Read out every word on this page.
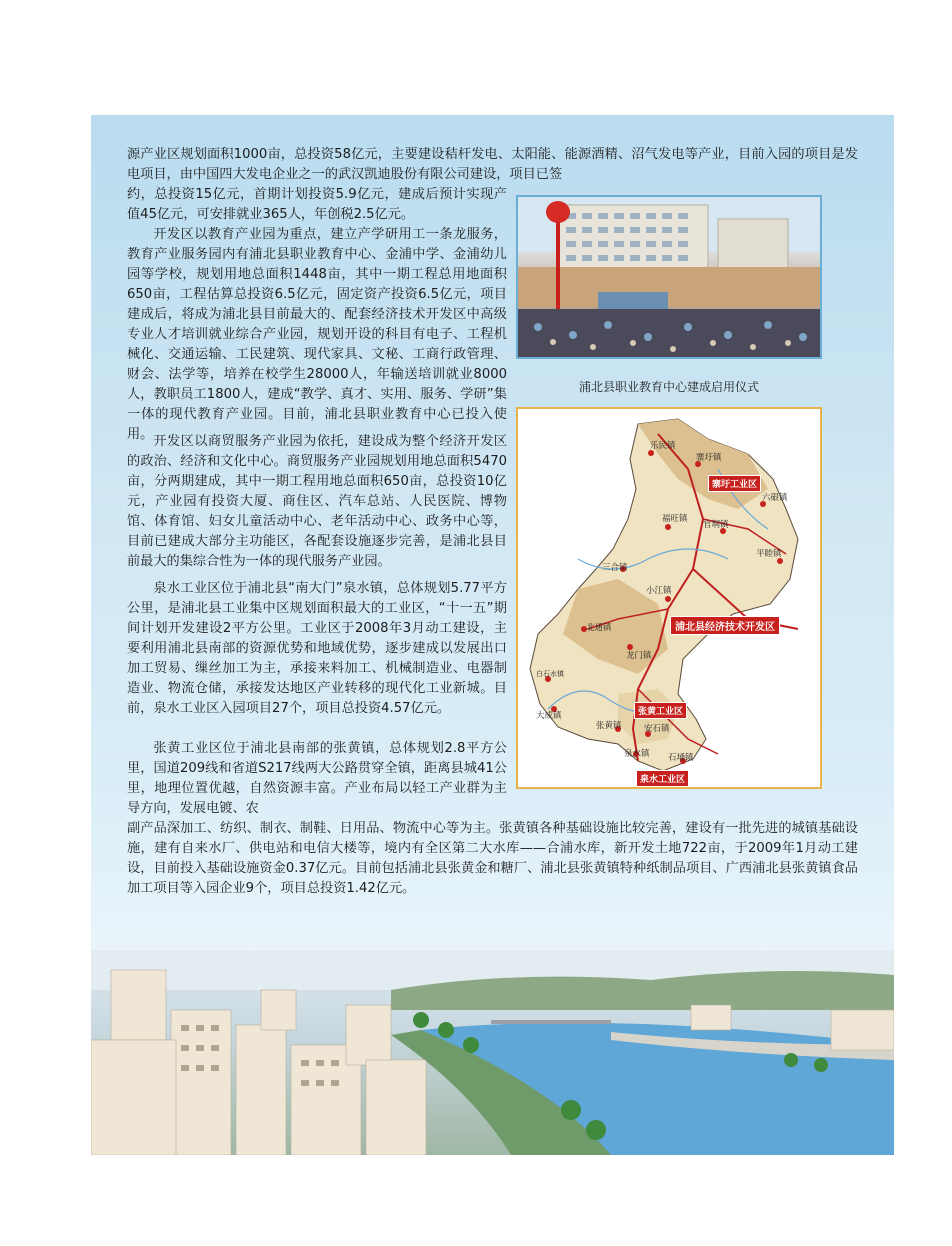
源产业区规划面积1000亩，总投资58亿元，主要建设秸杆发电、太阳能、能源酒精、沼气发电等产业，目前入园的项目是发电项目，由中国四大发电企业之一的武汉凯迪股份有限公司建设，项目已签

约，总投资15亿元，首期计划投资5.9亿元，建成后预计实现产值45亿元，可安排就业365人，年创税2.5亿元。

开发区以教育产业园为重点，建立产学研用工一条龙服务，教育产业服务园内有浦北县职业教育中心、金浦中学、金浦幼儿园等学校，规划用地总面积1448亩，其中一期工程总用地面积650亩，工程估算总投资6.5亿元，固定资产投资6.5亿元，项目建成后，将成为浦北县目前最大的、配套经济技术开发区中高级专业人才培训就业综合产业园，规划开设的科目有电子、工程机械化、交通运输、工民建筑、现代家具、文秘、工商行政管理、财会、法学等，培养在校学生28000人，年输送培训就业8000人，教职员工1800人，建成“教学、真才、实用、服务、学研”集一体的现代教育产业园。目前，浦北县职业教育中心已投入使用。 开发区以商贸服务产业园为依托，建设成为整个经济开发区的政治、经济和文化中心。商贸服务产业园规划用地总面积5470亩，分两期建成，其中一期工程用地总面积650亩，总投资10亿元，产业园有投资大厦、商住区、汽车总站、人民医院、博物馆、体育馆、妇女儿童活动中心、老年活动中心、政务中心等，目前已建成大部分主功能区，各配套设施逐步完善，是浦北县目前最大的集综合性为一体的现代服务产业园。

泉水工业区位于浦北县“南大门”泉水镇，总体规划5.77平方公里，是浦北县工业集中区规划面积最大的工业区，“十一五”期间计划开发建设2平方公里。工业区于2008年3月动工建设，主要利用浦北县南部的资源优势和地域优势，逐步建成以发展出口加工贸易、缫丝加工为主，承接来料加工、机械制造业、电器制造业、物流仓储，承接发达地区产业转移的现代化工业新城。目前，泉水工业区入园项目27个，项目总投资4.57亿元。

张黄工业区位于浦北县南部的张黄镇，总体规划2.8平方公里，国道209线和省道S217线两大公路贯穿全镇，距离县城41公里，地理位置优越，自然资源丰富。产业布局以轻工产业群为主导方向，发展电镀、农

副产品深加工、纺织、制衣、制鞋、日用品、物流中心等为主。张黄镇各种基础设施比较完善，建设有一批先进的城镇基础设施，建有自来水厂、供电站和电信大楼等，境内有全区第二大水库——合浦水库，新开发土地722亩，于2009年1月动工建设，目前投入基础设施资金0.37亿元。目前包括浦北县张黄金和糖厂、浦北县张黄镇特种纸制品项目、广西浦北县张黄镇食品加工项目等入园企业9个，项目总投资1.42亿元。

浦北县职业教育中心建成启用仪式
乐民镇
寨圩镇
六硍镇
福旺镇
官垌镇
平睦镇
三合镇
小江镇
北通镇
龙门镇
白石水镇
大成镇
张黄镇	安石镇
泉水镇 石埇镇
寨圩工业区
浦北县经济技术开发区
张黄工业区
泉水工业区
